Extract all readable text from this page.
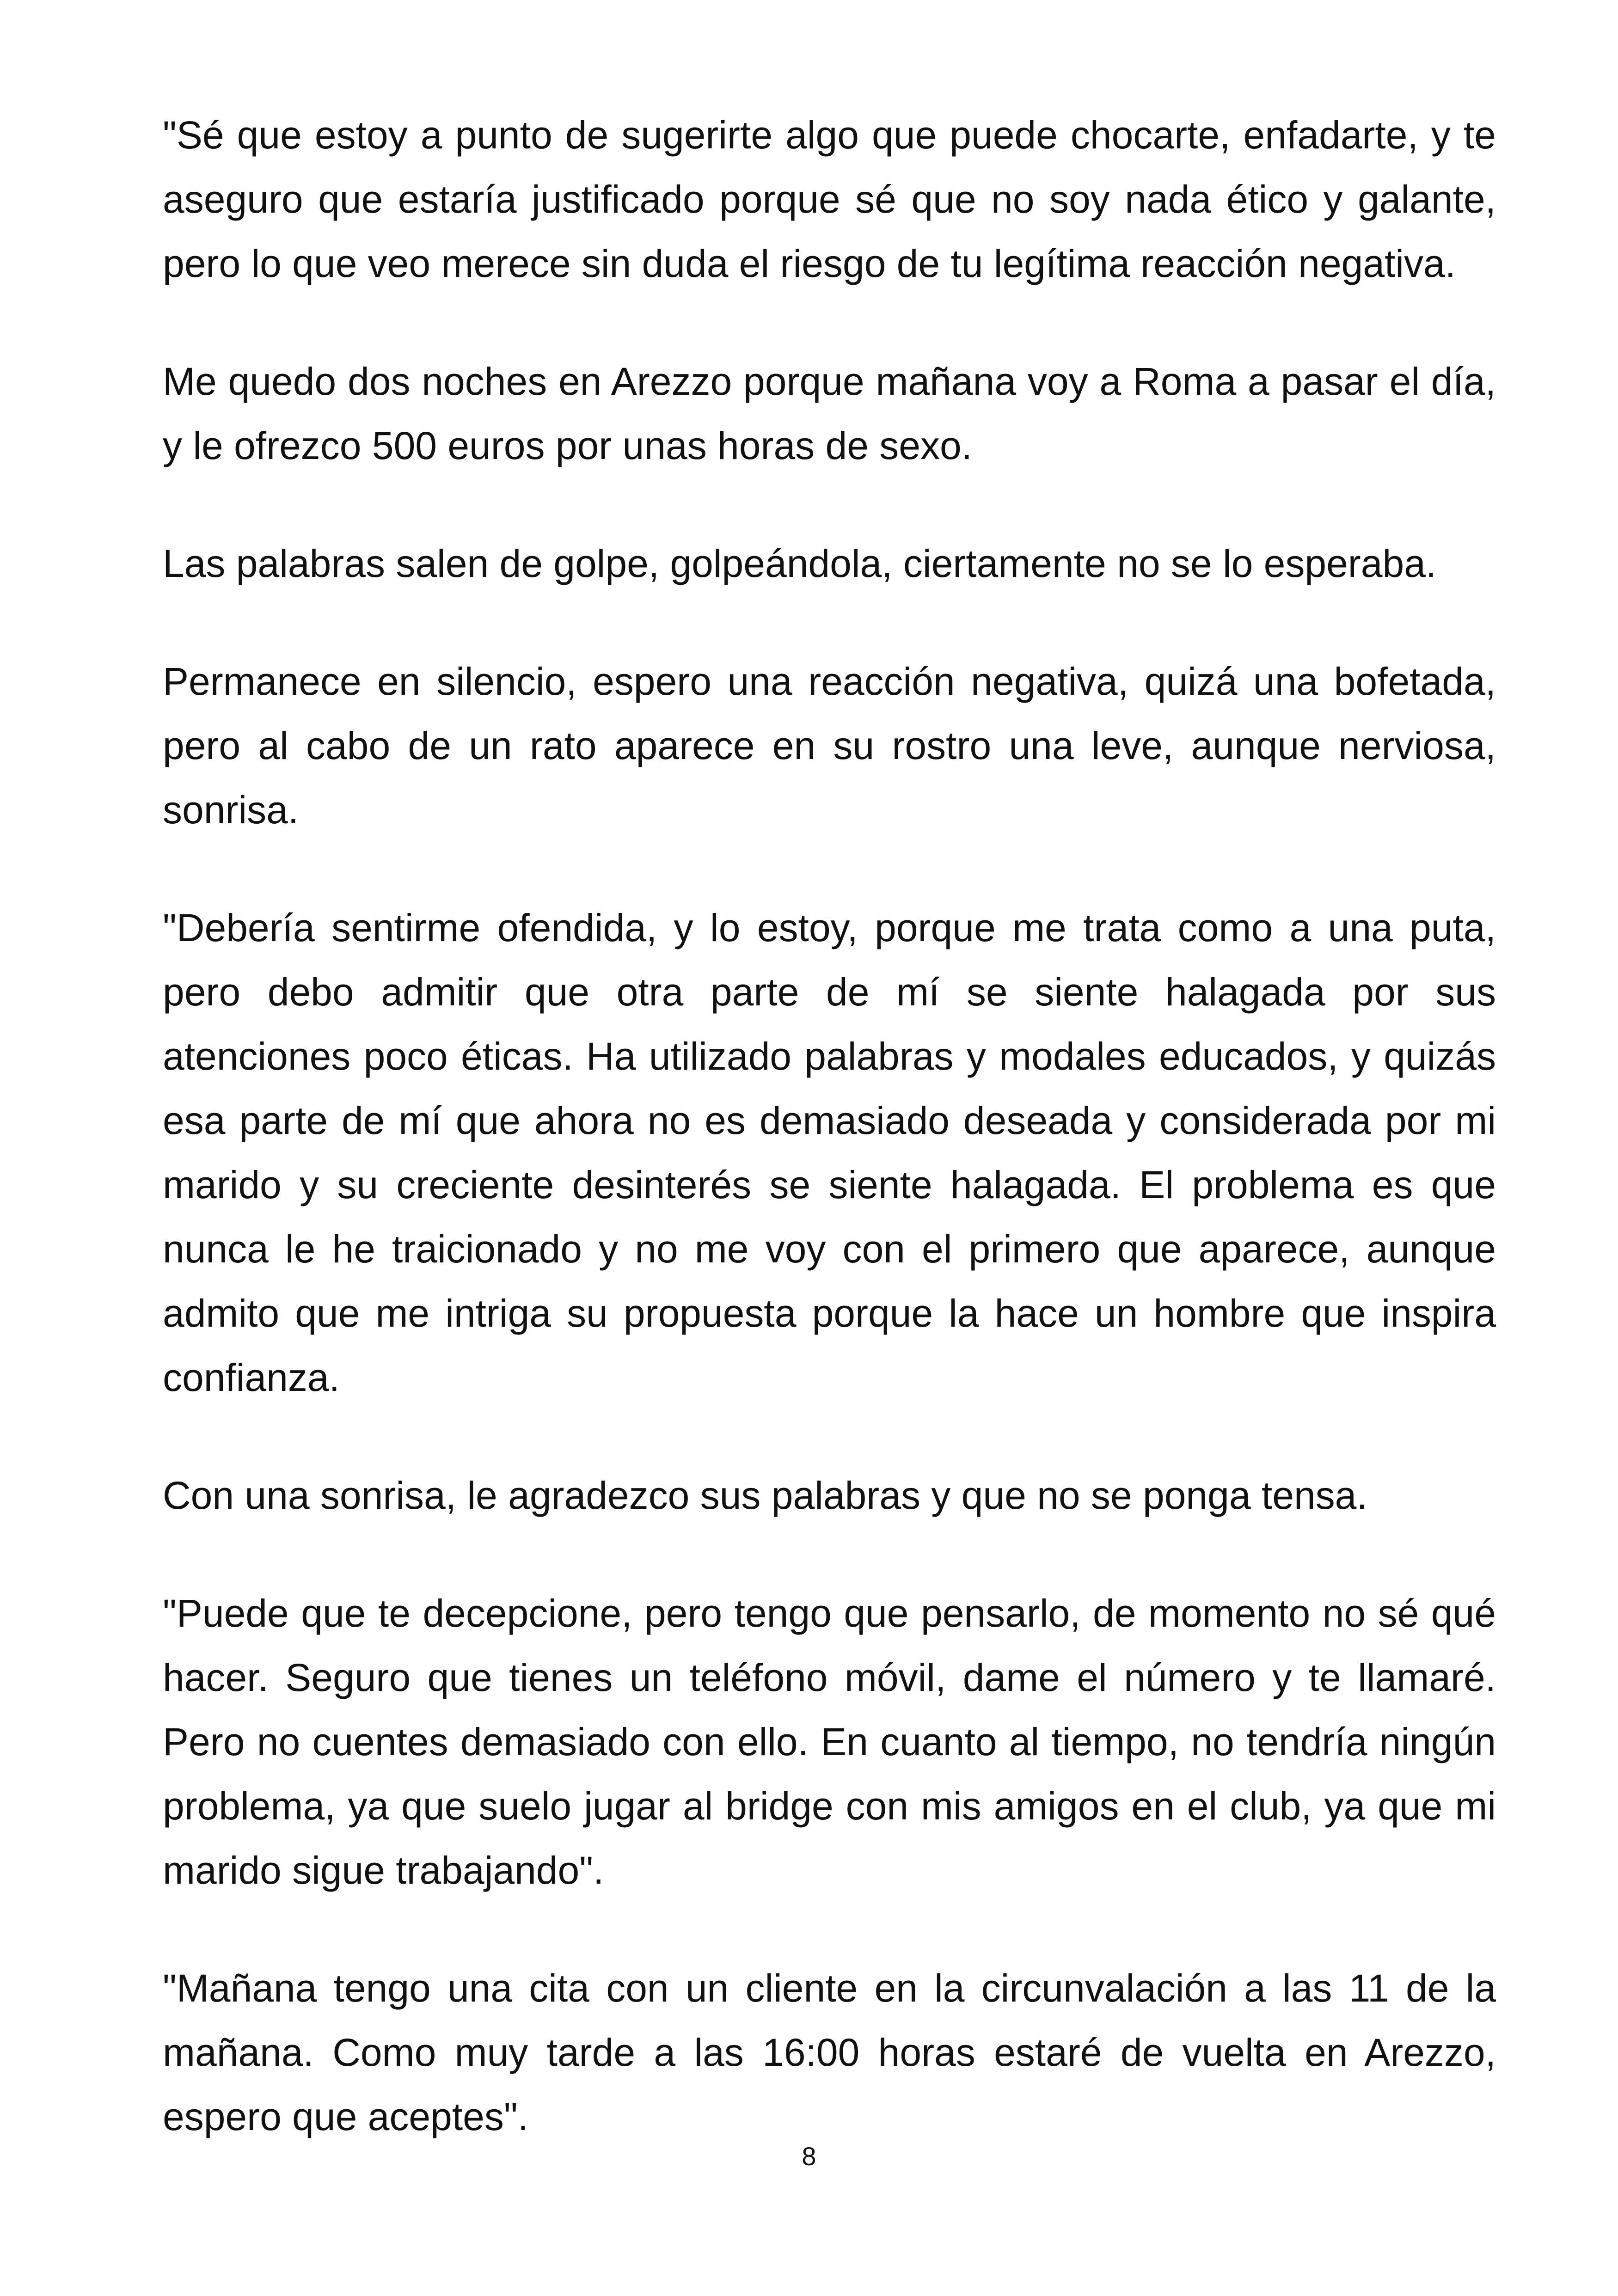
"Sé que estoy a punto de sugerirte algo que puede chocarte, enfadarte, y te aseguro que estaría justificado porque sé que no soy nada ético y galante, pero lo que veo merece sin duda el riesgo de tu legítima reacción negativa.

Me quedo dos noches en Arezzo porque mañana voy a Roma a pasar el día, y le ofrezco 500 euros por unas horas de sexo.

Las palabras salen de golpe, golpeándola, ciertamente no se lo esperaba.

Permanece en silencio, espero una reacción negativa, quizá una bofetada, pero al cabo de un rato aparece en su rostro una leve, aunque nerviosa, sonrisa.

"Debería sentirme ofendida, y lo estoy, porque me trata como a una puta, pero debo admitir que otra parte de mí se siente halagada por sus atenciones poco éticas. Ha utilizado palabras y modales educados, y quizás esa parte de mí que ahora no es demasiado deseada y considerada por mi marido y su creciente desinterés se siente halagada. El problema es que nunca le he traicionado y no me voy con el primero que aparece, aunque admito que me intriga su propuesta porque la hace un hombre que inspira confianza.

Con una sonrisa, le agradezco sus palabras y que no se ponga tensa.

"Puede que te decepcione, pero tengo que pensarlo, de momento no sé qué hacer. Seguro que tienes un teléfono móvil, dame el número y te llamaré. Pero no cuentes demasiado con ello. En cuanto al tiempo, no tendría ningún problema, ya que suelo jugar al bridge con mis amigos en el club, ya que mi marido sigue trabajando".

"Mañana tengo una cita con un cliente en la circunvalación a las 11 de la mañana. Como muy tarde a las 16:00 horas estaré de vuelta en Arezzo, espero que aceptes".

8
